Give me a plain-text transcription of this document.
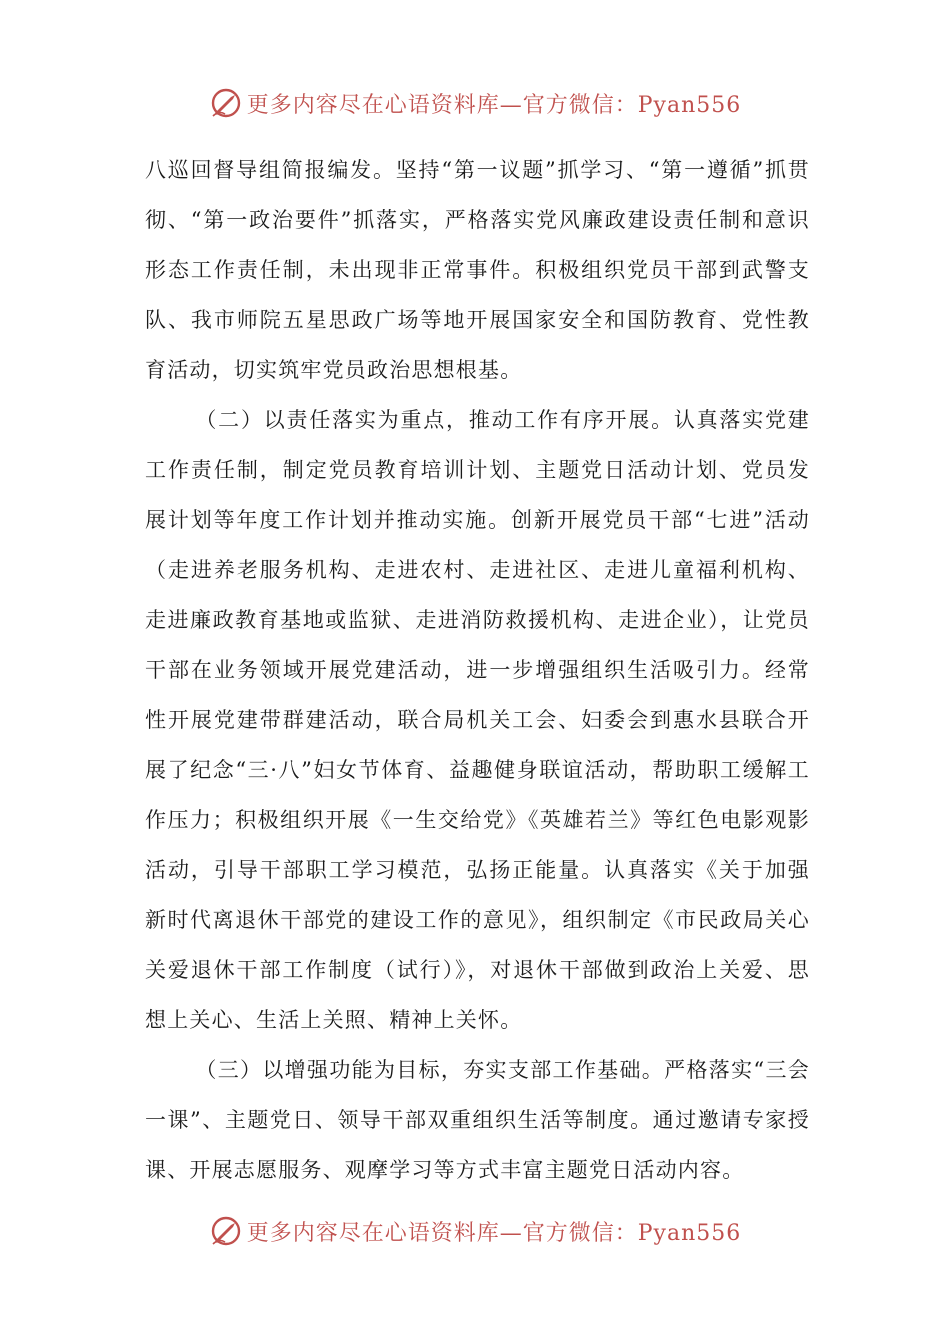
更多内容尽在心语资料库—官方微信：Pyan556

八巡回督导组简报编发。坚持“第一议题”抓学习、“第一遵循”抓贯彻、“第一政治要件”抓落实，严格落实党风廉政建设责任制和意识形态工作责任制，未出现非正常事件。积极组织党员干部到武警支队、我市师院五星思政广场等地开展国家安全和国防教育、党性教育活动，切实筑牢党员政治思想根基。

（二）以责任落实为重点，推动工作有序开展。认真落实党建工作责任制，制定党员教育培训计划、主题党日活动计划、党员发展计划等年度工作计划并推动实施。创新开展党员干部“七进”活动（走进养老服务机构、走进农村、走进社区、走进儿童福利机构、走进廉政教育基地或监狱、走进消防救援机构、走进企业），让党员干部在业务领域开展党建活动，进一步增强组织生活吸引力。经常性开展党建带群建活动，联合局机关工会、妇委会到惠水县联合开展了纪念“三·八”妇女节体育、益趣健身联谊活动，帮助职工缓解工作压力；积极组织开展《一生交给党》《英雄若兰》等红色电影观影活动，引导干部职工学习模范，弘扬正能量。认真落实《关于加强新时代离退休干部党的建设工作的意见》，组织制定《市民政局关心关爱退休干部工作制度（试行）》，对退休干部做到政治上关爱、思想上关心、生活上关照、精神上关怀。

（三）以增强功能为目标，夯实支部工作基础。严格落实“三会一课”、主题党日、领导干部双重组织生活等制度。通过邀请专家授课、开展志愿服务、观摩学习等方式丰富主题党日活动内容。

更多内容尽在心语资料库—官方微信：Pyan556
